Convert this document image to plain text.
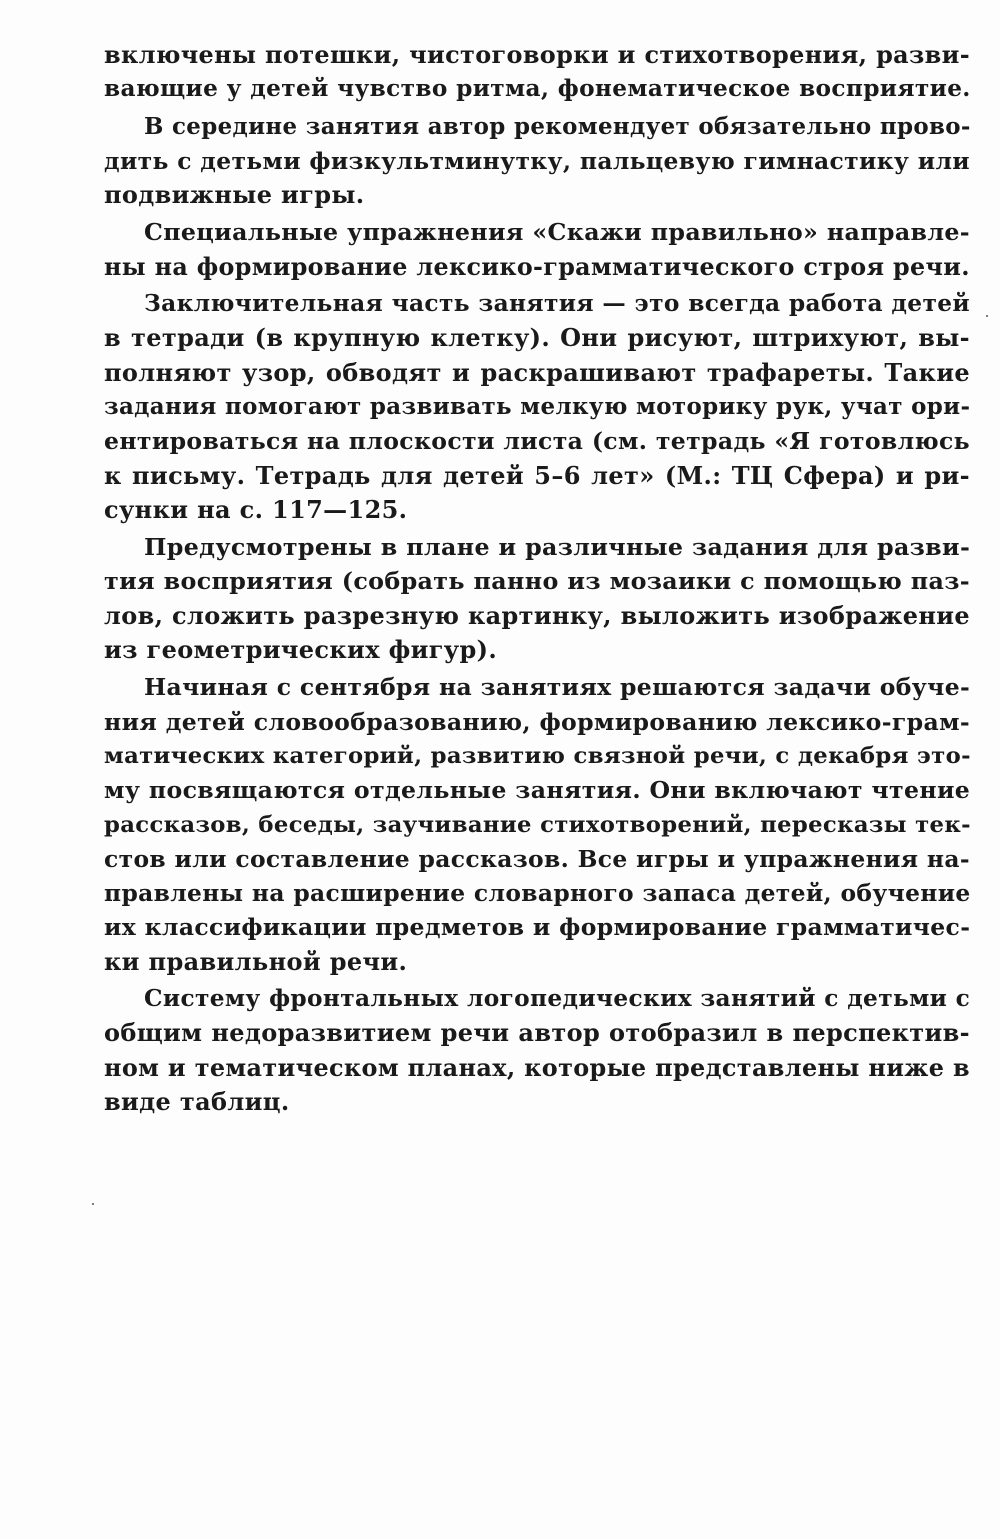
включены потешки, чистоговорки и стихотворения, разви-
вающие у детей чувство ритма, фонематическое восприятие.
В середине занятия автор рекомендует обязательно прово-
дить с детьми физкультминутку, пальцевую гимнастику или
подвижные игры.
Специальные упражнения «Скажи правильно» направле-
ны на формирование лексико-грамматического строя речи.
Заключительная часть занятия — это всегда работа детей
в тетради (в крупную клетку). Они рисуют, штрихуют, вы-
полняют узор, обводят и раскрашивают трафареты. Такие
задания помогают развивать мелкую моторику рук, учат ори-
ентироваться на плоскости листа (см. тетрадь «Я готовлюсь
к письму. Тетрадь для детей 5–6 лет» (М.: ТЦ Сфера) и ри-
сунки на с. 117—125.
Предусмотрены в плане и различные задания для разви-
тия восприятия (собрать панно из мозаики с помощью паз-
лов, сложить разрезную картинку, выложить изображение
из геометрических фигур).
Начиная с сентября на занятиях решаются задачи обуче-
ния детей словообразованию, формированию лексико-грам-
матических категорий, развитию связной речи, с декабря это-
му посвящаются отдельные занятия. Они включают чтение
рассказов, беседы, заучивание стихотворений, пересказы тек-
стов или составление рассказов. Все игры и упражнения на-
правлены на расширение словарного запаса детей, обучение
их классификации предметов и формирование грамматичес-
ки правильной речи.
Систему фронтальных логопедических занятий с детьми с
общим недоразвитием речи автор отобразил в перспектив-
ном и тематическом планах, которые представлены ниже в
виде таблиц.
